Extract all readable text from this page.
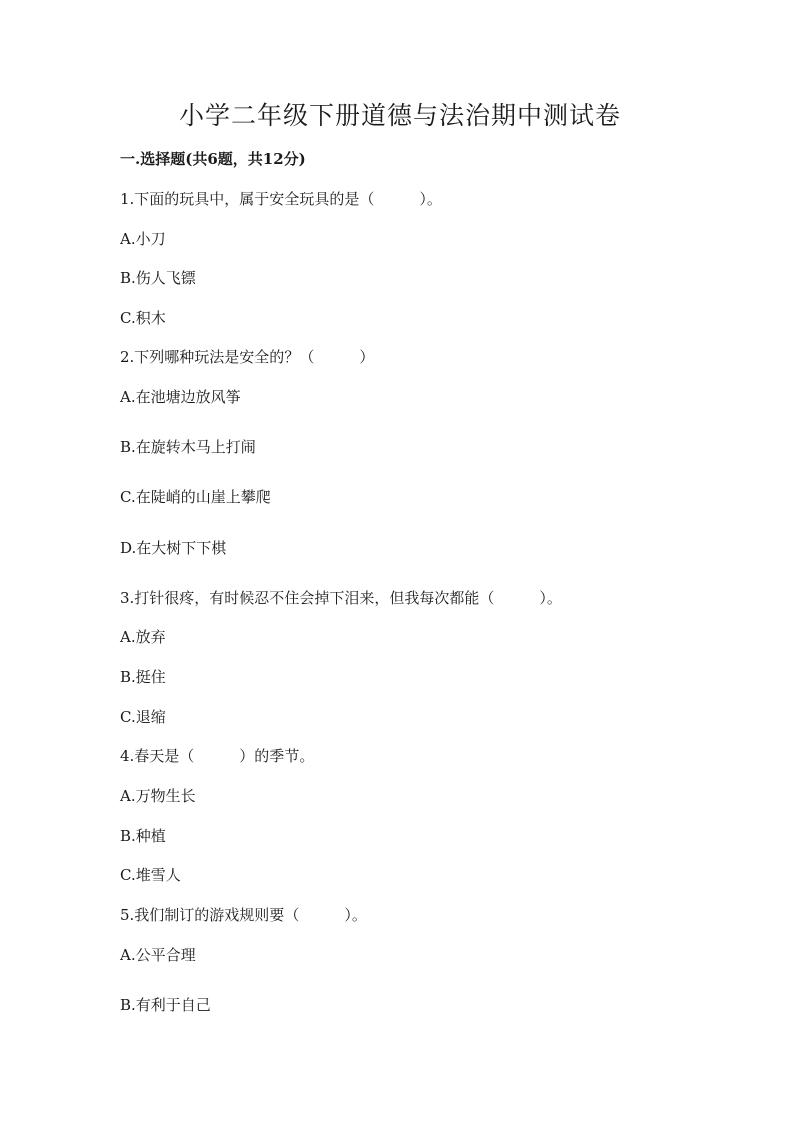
小学二年级下册道德与法治期中测试卷
一.选择题(共6题，共12分)
1.下面的玩具中，属于安全玩具的是（　　　）。
A.小刀
B.伤人飞镖
C.积木
2.下列哪种玩法是安全的？（　　　）
A.在池塘边放风筝
B.在旋转木马上打闹
C.在陡峭的山崖上攀爬
D.在大树下下棋
3.打针很疼，有时候忍不住会掉下泪来，但我每次都能（　　　）。
A.放弃
B.挺住
C.退缩
4.春天是（　　　）的季节。
A.万物生长
B.种植
C.堆雪人
5.我们制订的游戏规则要（　　　）。
A.公平合理
B.有利于自己
